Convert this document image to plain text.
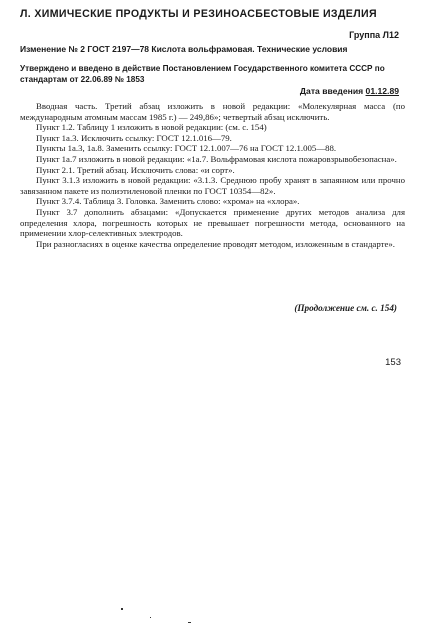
Л. ХИМИЧЕСКИЕ ПРОДУКТЫ И РЕЗИНОАСБЕСТОВЫЕ ИЗДЕЛИЯ
Группа Л12
Изменение № 2 ГОСТ 2197—78 Кислота вольфрамовая. Технические условия
Утверждено и введено в действие Постановлением Государственного комитета СССР по стандартам от 22.06.89 № 1853
Дата введения 01.12.89

Вводная часть. Третий абзац изложить в новой редакции: «Молекулярная масса (по международным атомным массам 1985 г.) — 249,86»; четвертый абзац исключить.

Пункт 1.2. Таблицу 1 изложить в новой редакции: (см. с. 154)

Пункт 1а.3. Исключить ссылку: ГОСТ 12.1.016—79.

Пункты 1а.3, 1а.8. Заменить ссылку: ГОСТ 12.1.007—76 на ГОСТ 12.1.005—88.

Пункт 1а.7 изложить в новой редакции: «1а.7. Вольфрамовая кислота пожаровзрывобезопасна».

Пункт 2.1. Третий абзац. Исключить слова: «и сорт».

Пункт 3.1.3 изложить в новой редакции: «3.1.3. Среднюю пробу хранят в запаянном или прочно завязанном пакете из полиэтиленовой пленки по ГОСТ 10354—82».

Пункт 3.7.4. Таблица 3. Головка. Заменить слово: «хрома» на «хлора».

Пункт 3.7 дополнить абзацами: «Допускается применение других методов анализа для определения хлора, погрешность которых не превышает погрешности метода, основанного на применении хлор-селективных электродов.

При разногласиях в оценке качества определение проводят методом, изложенным в стандарте».

(Продолжение см. с. 154)
153
